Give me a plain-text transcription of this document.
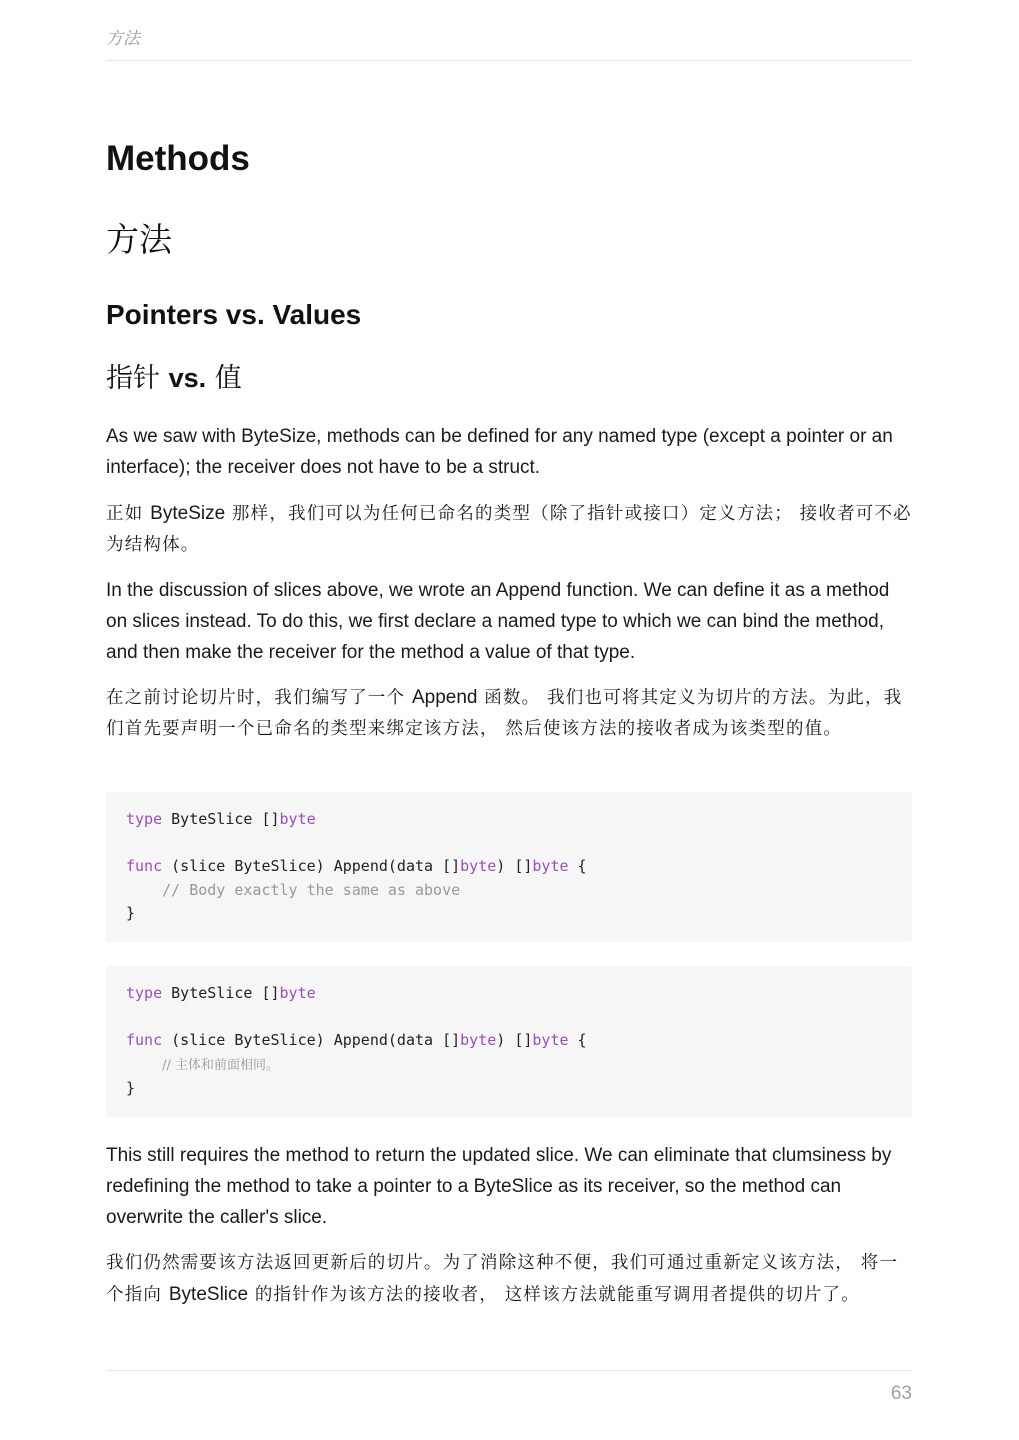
方法
Methods
方法
Pointers vs. Values
指针 vs. 值

As we saw with ByteSize, methods can be defined for any named type (except a pointer or an interface); the receiver does not have to be a struct.

正如 ByteSize 那样，我们可以为任何已命名的类型（除了指针或接口）定义方法； 接收者可不必为结构体。

In the discussion of slices above, we wrote an Append function. We can define it as a method on slices instead. To do this, we first declare a named type to which we can bind the method, and then make the receiver for the method a value of that type.

在之前讨论切片时，我们编写了一个 Append 函数。 我们也可将其定义为切片的方法。为此，我们首先要声明一个已命名的类型来绑定该方法， 然后使该方法的接收者成为该类型的值。

type ByteSlice []byte

func (slice ByteSlice) Append(data []byte) []byte {
// Body exactly the same as above
}
type ByteSlice []byte

func (slice ByteSlice) Append(data []byte) []byte {
// 主体和前面相同。
}

This still requires the method to return the updated slice. We can eliminate that clumsiness by redefining the method to take a pointer to a ByteSlice as its receiver, so the method can overwrite the caller's slice.

我们仍然需要该方法返回更新后的切片。为了消除这种不便，我们可通过重新定义该方法， 将一个指向 ByteSlice 的指针作为该方法的接收者， 这样该方法就能重写调用者提供的切片了。

63
